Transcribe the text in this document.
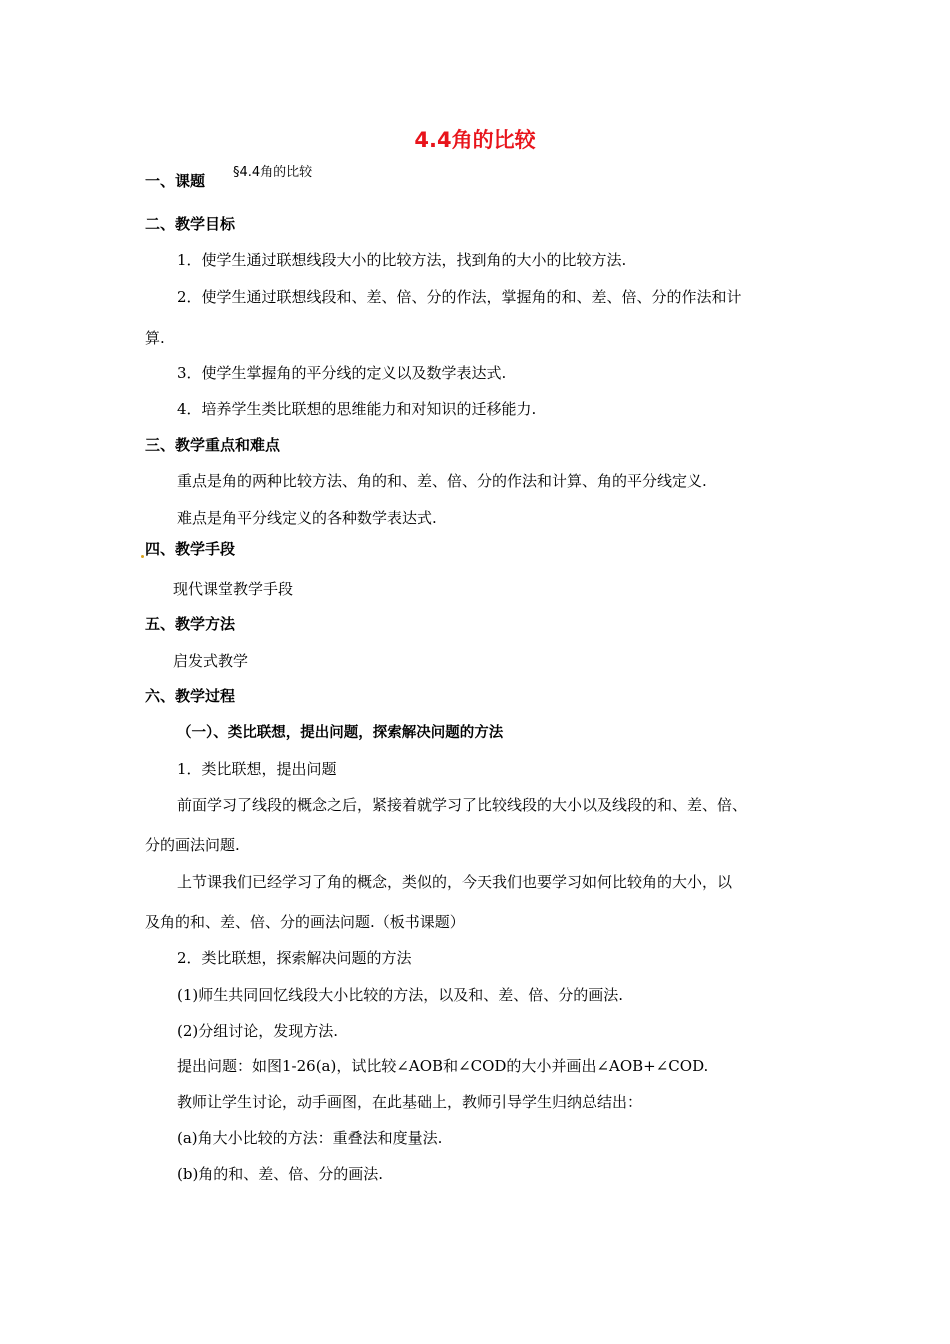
4.4角的比较
一、课题 §4.4角的比较
二、教学目标
1．使学生通过联想线段大小的比较方法，找到角的大小的比较方法.
2．使学生通过联想线段和、差、倍、分的作法，掌握角的和、差、倍、分的作法和计
算.
3．使学生掌握角的平分线的定义以及数学表达式.
4．培养学生类比联想的思维能力和对知识的迁移能力.
三、教学重点和难点
重点是角的两种比较方法、角的和、差、倍、分的作法和计算、角的平分线定义.
难点是角平分线定义的各种数学表达式.
四、教学手段
现代课堂教学手段
五、教学方法
启发式教学
六、教学过程
（一）、类比联想，提出问题，探索解决问题的方法
1．类比联想，提出问题
前面学习了线段的概念之后，紧接着就学习了比较线段的大小以及线段的和、差、倍、
分的画法问题.
上节课我们已经学习了角的概念，类似的，今天我们也要学习如何比较角的大小，以
及角的和、差、倍、分的画法问题.（板书课题）
2．类比联想，探索解决问题的方法
(1)师生共同回忆线段大小比较的方法，以及和、差、倍、分的画法.
(2)分组讨论，发现方法.
提出问题：如图1-26(a)，试比较∠AOB和∠COD的大小并画出∠AOB+∠COD.
教师让学生讨论，动手画图，在此基础上，教师引导学生归纳总结出：
(a)角大小比较的方法：重叠法和度量法.
(b)角的和、差、倍、分的画法.
